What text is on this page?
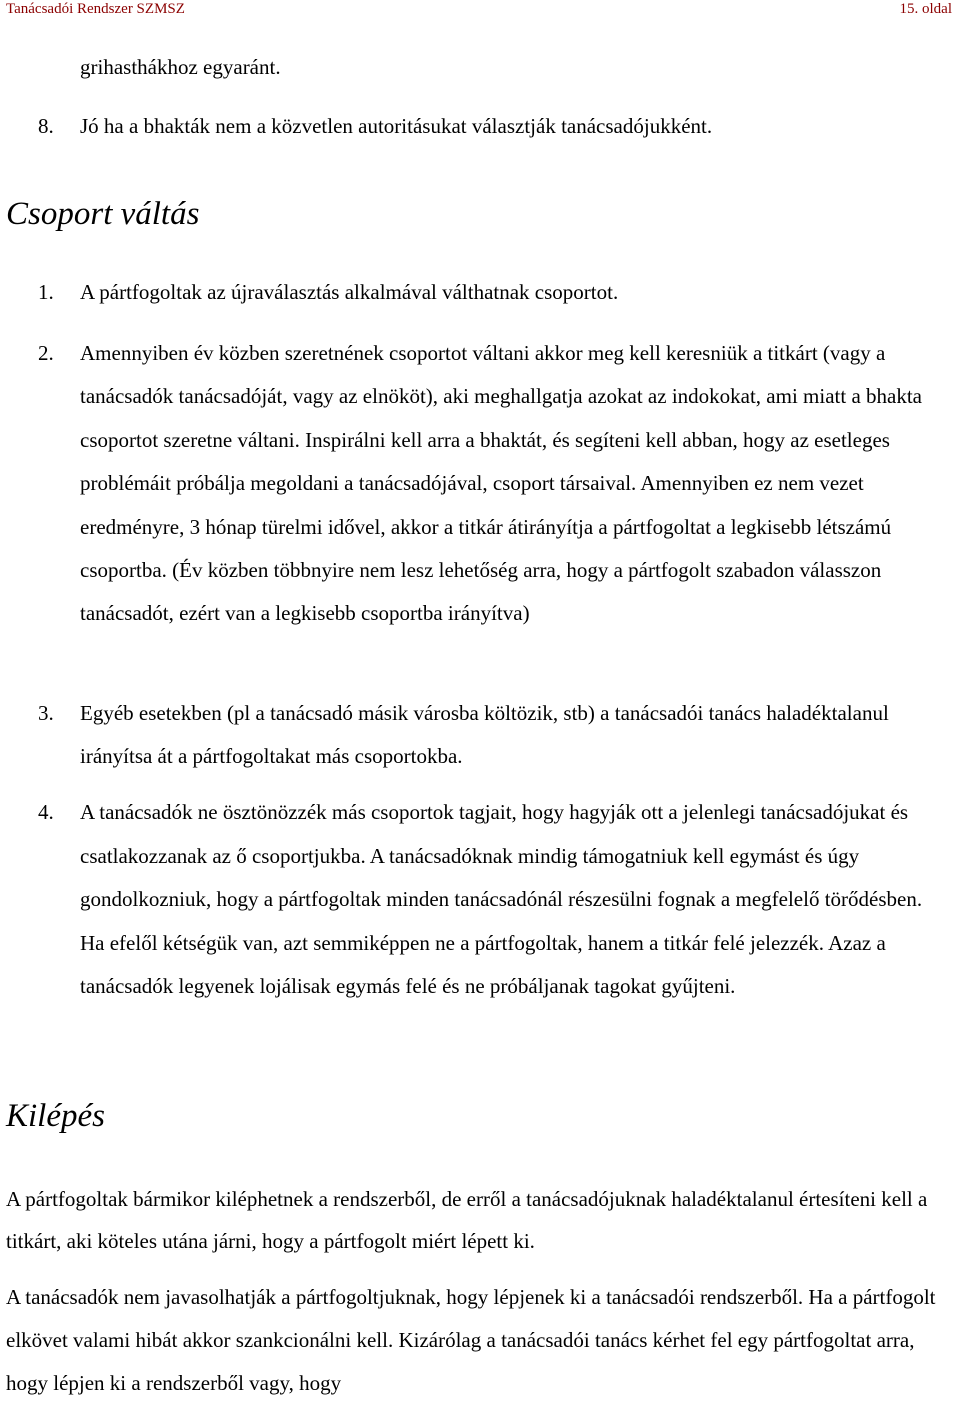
Tanácsadói Rendszer SZMSZ	15. oldal
grihasthákhoz egyaránt.
8. Jó ha a bhakták nem a közvetlen autoritásukat választják tanácsadójukként.
Csoport váltás
1. A pártfogoltak az újraválasztás alkalmával válthatnak csoportot.
2. Amennyiben év közben szeretnének csoportot váltani akkor meg kell keresniük a titkárt (vagy a tanácsadók tanácsadóját, vagy az elnököt), aki meghallgatja azokat az indokokat, ami miatt a bhakta csoportot szeretne váltani. Inspirálni kell arra a bhaktát, és segíteni kell abban, hogy az esetleges problémáit próbálja megoldani a tanácsadójával, csoport társaival. Amennyiben ez nem vezet eredményre, 3 hónap türelmi idővel, akkor a titkár átirányítja a pártfogoltat a legkisebb létszámú csoportba. (Év közben többnyire nem lesz lehetőség arra, hogy a pártfogolt szabadon válasszon tanácsadót, ezért van a legkisebb csoportba irányítva)
3. Egyéb esetekben (pl a tanácsadó másik városba költözik, stb) a tanácsadói tanács haladéktalanul irányítsa át a pártfogoltakat más csoportokba.
4. A tanácsadók ne ösztönözzék más csoportok tagjait, hogy hagyják ott a jelenlegi tanácsadójukat és csatlakozzanak az ő csoportjukba. A tanácsadóknak mindig támogatniuk kell egymást és úgy gondolkozniuk, hogy a pártfogoltak minden tanácsadónál részesülni fognak a megfelelő törődésben. Ha efelől kétségük van, azt semmiképpen ne a pártfogoltak, hanem a titkár felé jelezzék. Azaz a tanácsadók legyenek lojálisak egymás felé és ne próbáljanak tagokat gyűjteni.
Kilépés
A pártfogoltak bármikor kiléphetnek a rendszerből, de erről a tanácsadójuknak haladéktalanul értesíteni kell a titkárt, aki köteles utána járni, hogy a pártfogolt miért lépett ki.
A tanácsadók nem javasolhatják a pártfogoltjuknak, hogy lépjenek ki a tanácsadói rendszerből. Ha a pártfogolt elkövet valami hibát akkor szankcionálni kell. Kizárólag a tanácsadói tanács kérhet fel egy pártfogoltat arra, hogy lépjen ki a rendszerből vagy, hogy
